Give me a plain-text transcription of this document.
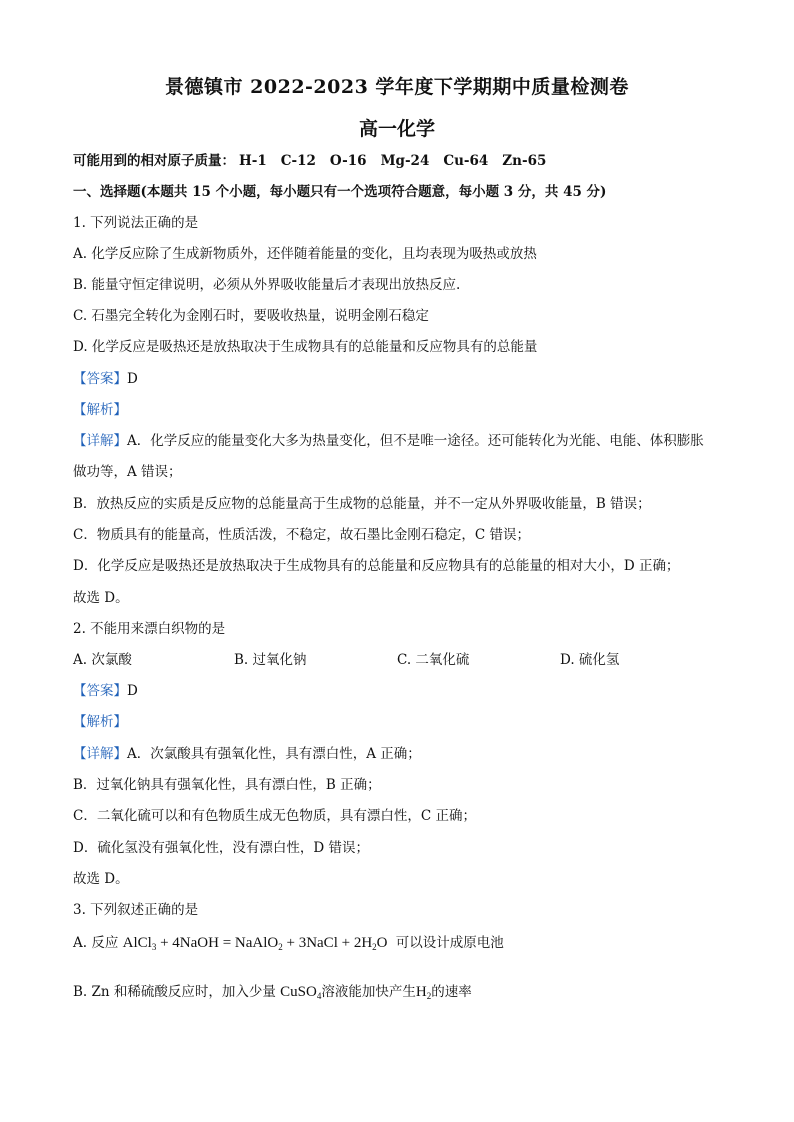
景德镇市 2022-2023 学年度下学期期中质量检测卷
高一化学
可能用到的相对原子质量： H-1 C-12 O-16 Mg-24 Cu-64 Zn-65
一、选择题(本题共 15 个小题，每小题只有一个选项符合题意，每小题 3 分，共 45 分)
1. 下列说法正确的是
A. 化学反应除了生成新物质外，还伴随着能量的变化，且均表现为吸热或放热
B. 能量守恒定律说明，必须从外界吸收能量后才表现出放热反应.
C. 石墨完全转化为金刚石时，要吸收热量，说明金刚石稳定
D. 化学反应是吸热还是放热取决于生成物具有的总能量和反应物具有的总能量
【答案】D
【解析】
【详解】A．化学反应的能量变化大多为热量变化，但不是唯一途径。还可能转化为光能、电能、体积膨胀
做功等，A 错误；
B．放热反应的实质是反应物的总能量高于生成物的总能量，并不一定从外界吸收能量，B 错误；
C．物质具有的能量高，性质活泼，不稳定，故石墨比金刚石稳定，C 错误；
D．化学反应是吸热还是放热取决于生成物具有的总能量和反应物具有的总能量的相对大小，D 正确；
故选 D。
2. 不能用来漂白织物的是
A. 次氯酸	B. 过氧化钠	C. 二氧化硫	D. 硫化氢
【答案】D
【解析】
【详解】A．次氯酸具有强氧化性，具有漂白性，A 正确；
B．过氧化钠具有强氧化性，具有漂白性，B 正确；
C．二氧化硫可以和有色物质生成无色物质，具有漂白性，C 正确；
D．硫化氢没有强氧化性，没有漂白性，D 错误；
故选 D。
3. 下列叙述正确的是
A. 反应 AlCl$_3$ + 4NaOH = NaAlO$_2$ + 3NaCl + $2H_2O$ 可以设计成原电池
B. Zn 和稀硫酸反应时，加入少量 CuSO$_4$溶液能加快产生$H_2$的速率
